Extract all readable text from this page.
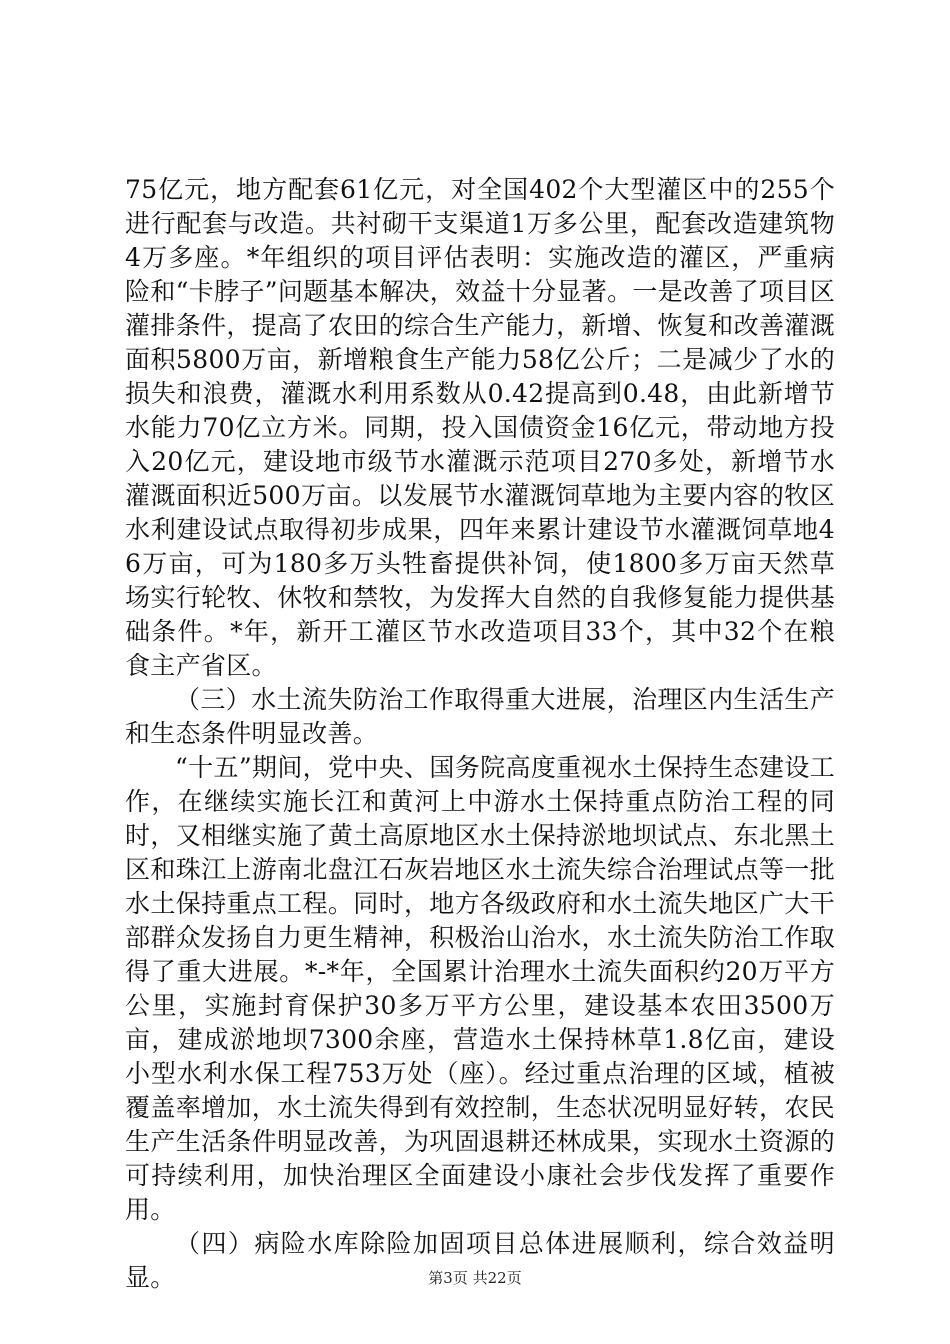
75亿元，地方配套61亿元，对全国402个大型灌区中的255个进行配套与改造。共衬砌干支渠道1万多公里，配套改造建筑物4万多座。*年组织的项目评估表明：实施改造的灌区，严重病险和“卡脖子”问题基本解决，效益十分显著。一是改善了项目区灌排条件，提高了农田的综合生产能力，新增、恢复和改善灌溉面积5800万亩，新增粮食生产能力58亿公斤；二是减少了水的损失和浪费，灌溉水利用系数从0.42提高到0.48，由此新增节水能力70亿立方米。同期，投入国债资金16亿元，带动地方投入20亿元，建设地市级节水灌溉示范项目270多处，新增节水灌溉面积近500万亩。以发展节水灌溉饲草地为主要内容的牧区水利建设试点取得初步成果，四年来累计建设节水灌溉饲草地46万亩，可为180多万头牲畜提供补饲，使1800多万亩天然草场实行轮牧、休牧和禁牧，为发挥大自然的自我修复能力提供基础条件。*年，新开工灌区节水改造项目33个，其中32个在粮食主产省区。

（三）水土流失防治工作取得重大进展，治理区内生活生产和生态条件明显改善。

“十五”期间，党中央、国务院高度重视水土保持生态建设工作，在继续实施长江和黄河上中游水土保持重点防治工程的同时，又相继实施了黄土高原地区水土保持淤地坝试点、东北黑土区和珠江上游南北盘江石灰岩地区水土流失综合治理试点等一批水土保持重点工程。同时，地方各级政府和水土流失地区广大干部群众发扬自力更生精神，积极治山治水，水土流失防治工作取得了重大进展。*-*年，全国累计治理水土流失面积约20万平方公里，实施封育保护30多万平方公里，建设基本农田3500万亩，建成淤地坝7300余座，营造水土保持林草1.8亿亩，建设小型水利水保工程753万处（座）。经过重点治理的区域，植被覆盖率增加，水土流失得到有效控制，生态状况明显好转，农民生产生活条件明显改善，为巩固退耕还林成果，实现水土资源的可持续利用，加快治理区全面建设小康社会步伐发挥了重要作用。

（四）病险水库除险加固项目总体进展顺利，综合效益明显。	第3页 共22页
